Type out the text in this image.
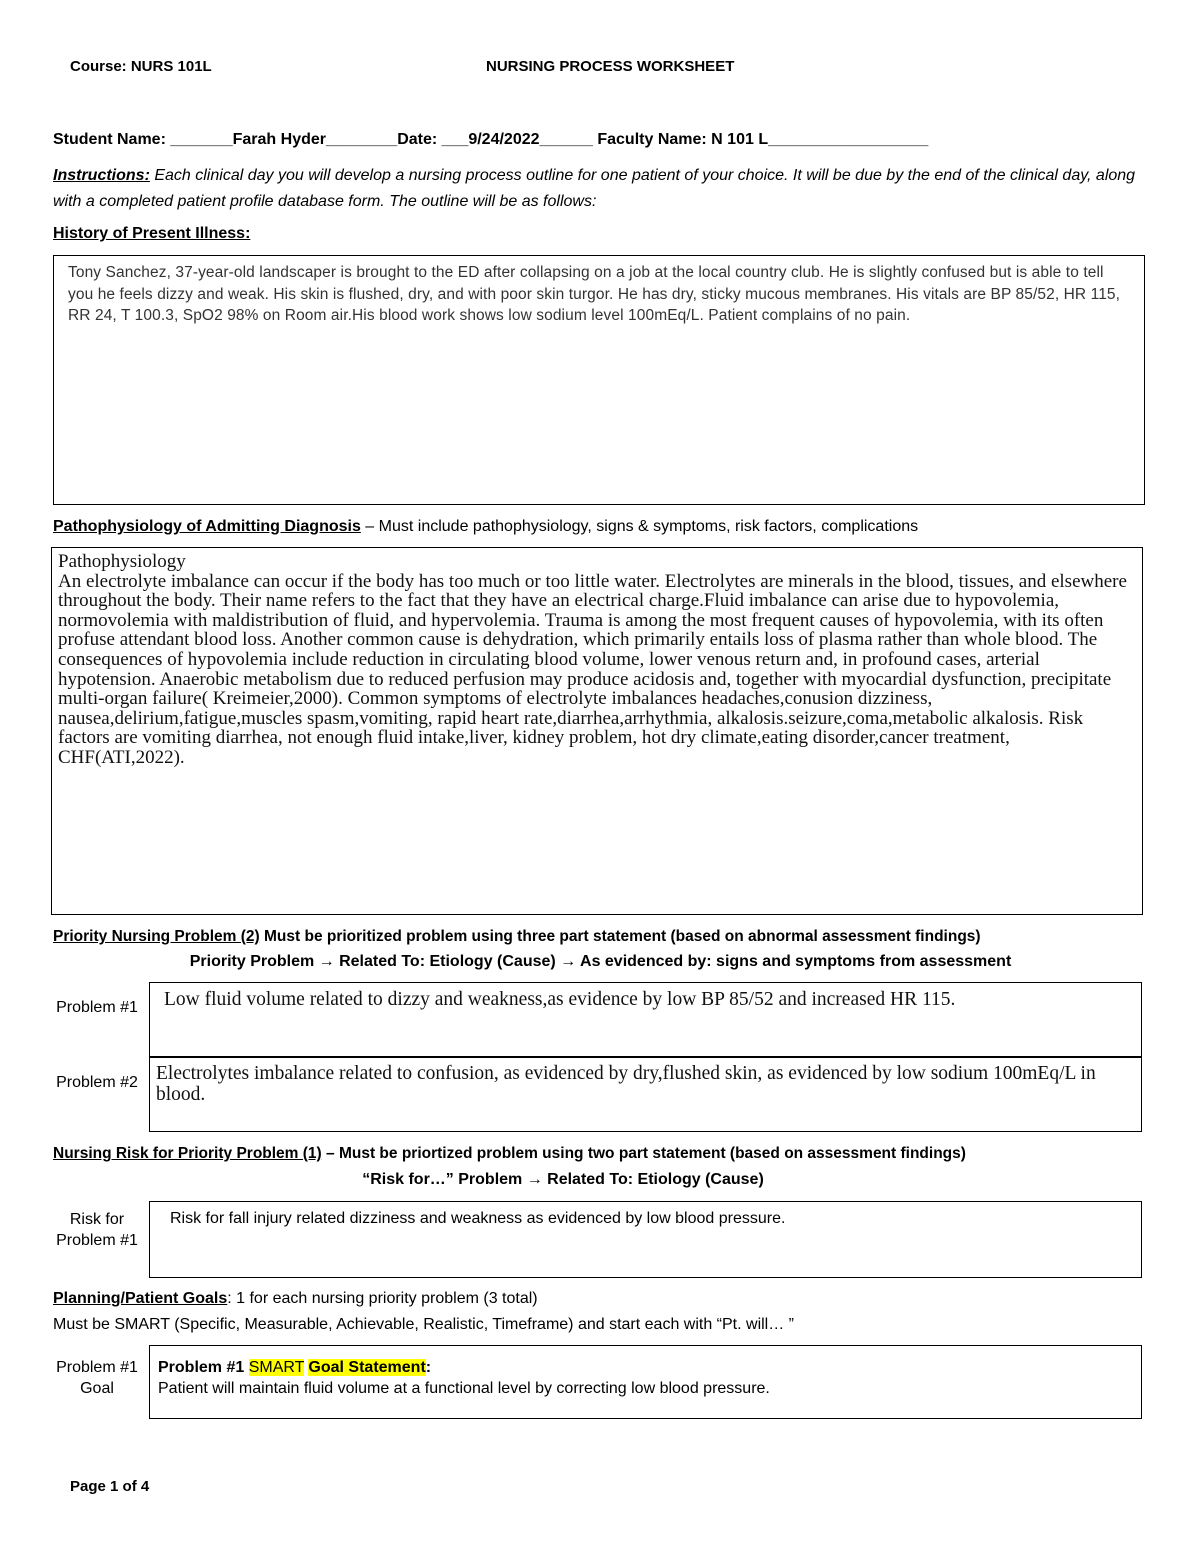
Course: NURS 101L	NURSING PROCESS WORKSHEET
Student Name: _______Farah Hyder________Date: ___9/24/2022______ Faculty Name: N 101 L__________________
Instructions: Each clinical day you will develop a nursing process outline for one patient of your choice. It will be due by the end of the clinical day, along with a completed patient profile database form. The outline will be as follows:
History of Present Illness:
Tony Sanchez, 37-year-old landscaper is brought to the ED after collapsing on a job at the local country club. He is slightly confused but is able to tell you he feels dizzy and weak. His skin is flushed, dry, and with poor skin turgor. He has dry, sticky mucous membranes. His vitals are BP 85/52, HR 115, RR 24, T 100.3, SpO2 98% on Room air.His blood work shows low sodium level 100mEq/L. Patient complains of no pain.
Pathophysiology of Admitting Diagnosis – Must include pathophysiology, signs & symptoms, risk factors, complications
Pathophysiology
An electrolyte imbalance can occur if the body has too much or too little water. Electrolytes are minerals in the blood, tissues, and elsewhere throughout the body. Their name refers to the fact that they have an electrical charge.Fluid imbalance can arise due to hypovolemia, normovolemia with maldistribution of fluid, and hypervolemia. Trauma is among the most frequent causes of hypovolemia, with its often profuse attendant blood loss. Another common cause is dehydration, which primarily entails loss of plasma rather than whole blood. The consequences of hypovolemia include reduction in circulating blood volume, lower venous return and, in profound cases, arterial hypotension. Anaerobic metabolism due to reduced perfusion may produce acidosis and, together with myocardial dysfunction, precipitate multi-organ failure( Kreimeier,2000). Common symptoms of electrolyte imbalances headaches,conusion dizziness, nausea,delirium,fatigue,muscles spasm,vomiting, rapid heart rate,diarrhea,arrhythmia, alkalosis.seizure,coma,metabolic alkalosis. Risk factors are vomiting diarrhea, not enough fluid intake,liver, kidney problem, hot dry climate,eating disorder,cancer treatment, CHF(ATI,2022).
Priority Nursing Problem (2) Must be prioritized problem using three part statement (based on abnormal assessment findings)
Priority Problem → Related To: Etiology (Cause) → As evidenced by: signs and symptoms from assessment
Problem #1	Low fluid volume related to dizzy and weakness,as evidence by low BP 85/52 and increased HR 115.
Problem #2 Electrolytes imbalance related to confusion, as evidenced by dry,flushed skin, as evidenced by low sodium 100mEq/L in blood.
Nursing Risk for Priority Problem (1) – Must be priortized problem using two part statement (based on assessment findings)
“Risk for…” Problem → Related To: Etiology (Cause)
Risk for Problem #1
Risk for fall injury related dizziness and weakness as evidenced by low blood pressure.
Planning/Patient Goals: 1 for each nursing priority problem (3 total)
Must be SMART (Specific, Measurable, Achievable, Realistic, Timeframe) and start each with “Pt. will… ”
Problem #1 Goal
Problem #1 SMART Goal Statement:
Patient will maintain fluid volume at a functional level by correcting low blood pressure.
Page 1 of 4
